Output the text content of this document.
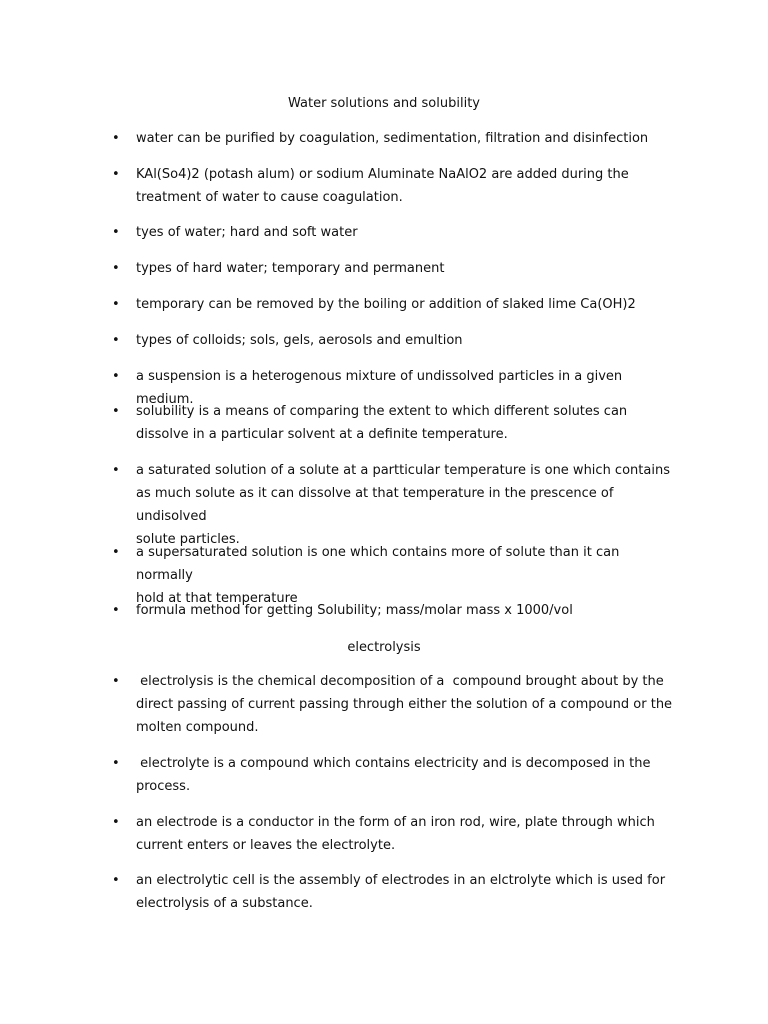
Water solutions and solubility
•	water can be purified by coagulation, sedimentation, filtration and disinfection
•	KAl(So4)2 (potash alum) or sodium Aluminate NaAlO2 are added during the
treatment of water to cause coagulation.
•	tyes of water; hard and soft water
•	types of hard water; temporary and permanent
•	temporary can be removed by the boiling or addition of slaked lime Ca(OH)2
•	types of colloids; sols, gels, aerosols and emultion
•	a suspension is a heterogenous mixture of undissolved particles in a given medium.
•	solubility is a means of comparing the extent to which different solutes can
dissolve in a particular solvent at a definite temperature.
•	a saturated solution of a solute at a partticular temperature is one which contains
as much solute as it can dissolve at that temperature in the prescence of undisolved
solute particles.
•	a supersaturated solution is one which contains more of solute than it can normally
hold at that temperature
•	formula method for getting Solubility; mass/molar mass x 1000/vol
electrolysis
•	electrolysis is the chemical decomposition of a  compound brought about by the
direct passing of current passing through either the solution of a compound or the
molten compound.
•	electrolyte is a compound which contains electricity and is decomposed in the
process.
•	an electrode is a conductor in the form of an iron rod, wire, plate through which
current enters or leaves the electrolyte.
•	an electrolytic cell is the assembly of electrodes in an elctrolyte which is used for
electrolysis of a substance.
